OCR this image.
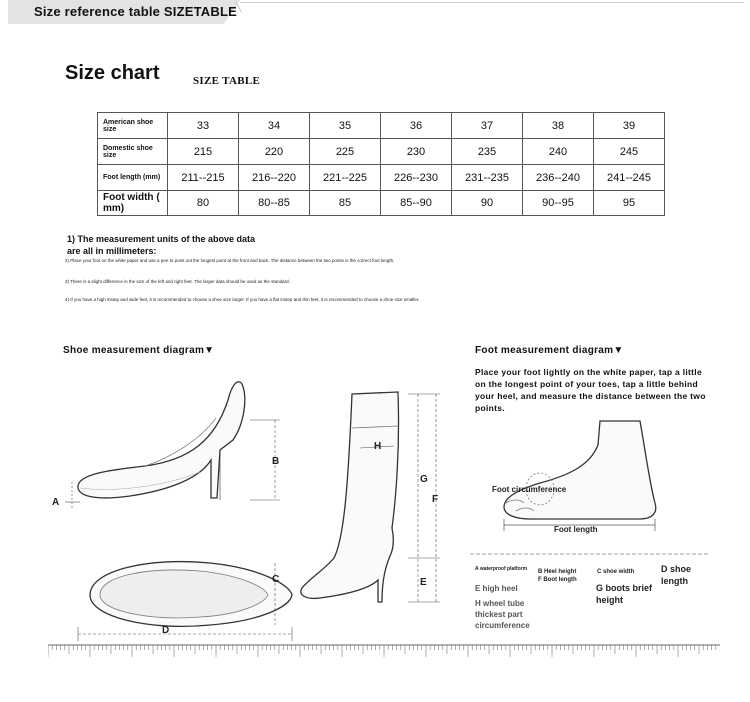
Size reference table SIZETABLE
Size chart	SIZE TABLE
American shoe size	33	34	35	36	37	38	39
Domestic shoe size	215	220	225	230	235	240	245
Foot length (mm)	211--215	216--220	221--225	226--230	231--235	236--240	241--245
Foot width ( mm)	80	80--85	85	85--90	90	90--95	95
1) The measurement units of the above data are all in millimeters:
2) Place your foot on the white paper and use a pen to point out the longest point at the front and back. The distance between the two points is the correct foot length.
3) There is a slight difference in the size of the left and right feet. The larger data should be used as the standard.
4) If you have a high instep and wide feet, it is recommended to choose a shoe size larger. If you have a flat instep and thin feet, it is recommended to choose a shoe size smaller.
Shoe measurement diagram▼	Foot measurement diagram▼
A
B
C
D
H
G
F
E
Place your foot lightly on the white paper, tap a little on the longest point of your toes, tap a little behind your heel, and measure the distance between the two points.
Foot circumference
Foot length
A waterproof platform
E high heel
H wheel tube thickest part circumference
B Heel height
F Boot length
C shoe width
G boots brief height
D shoe length
